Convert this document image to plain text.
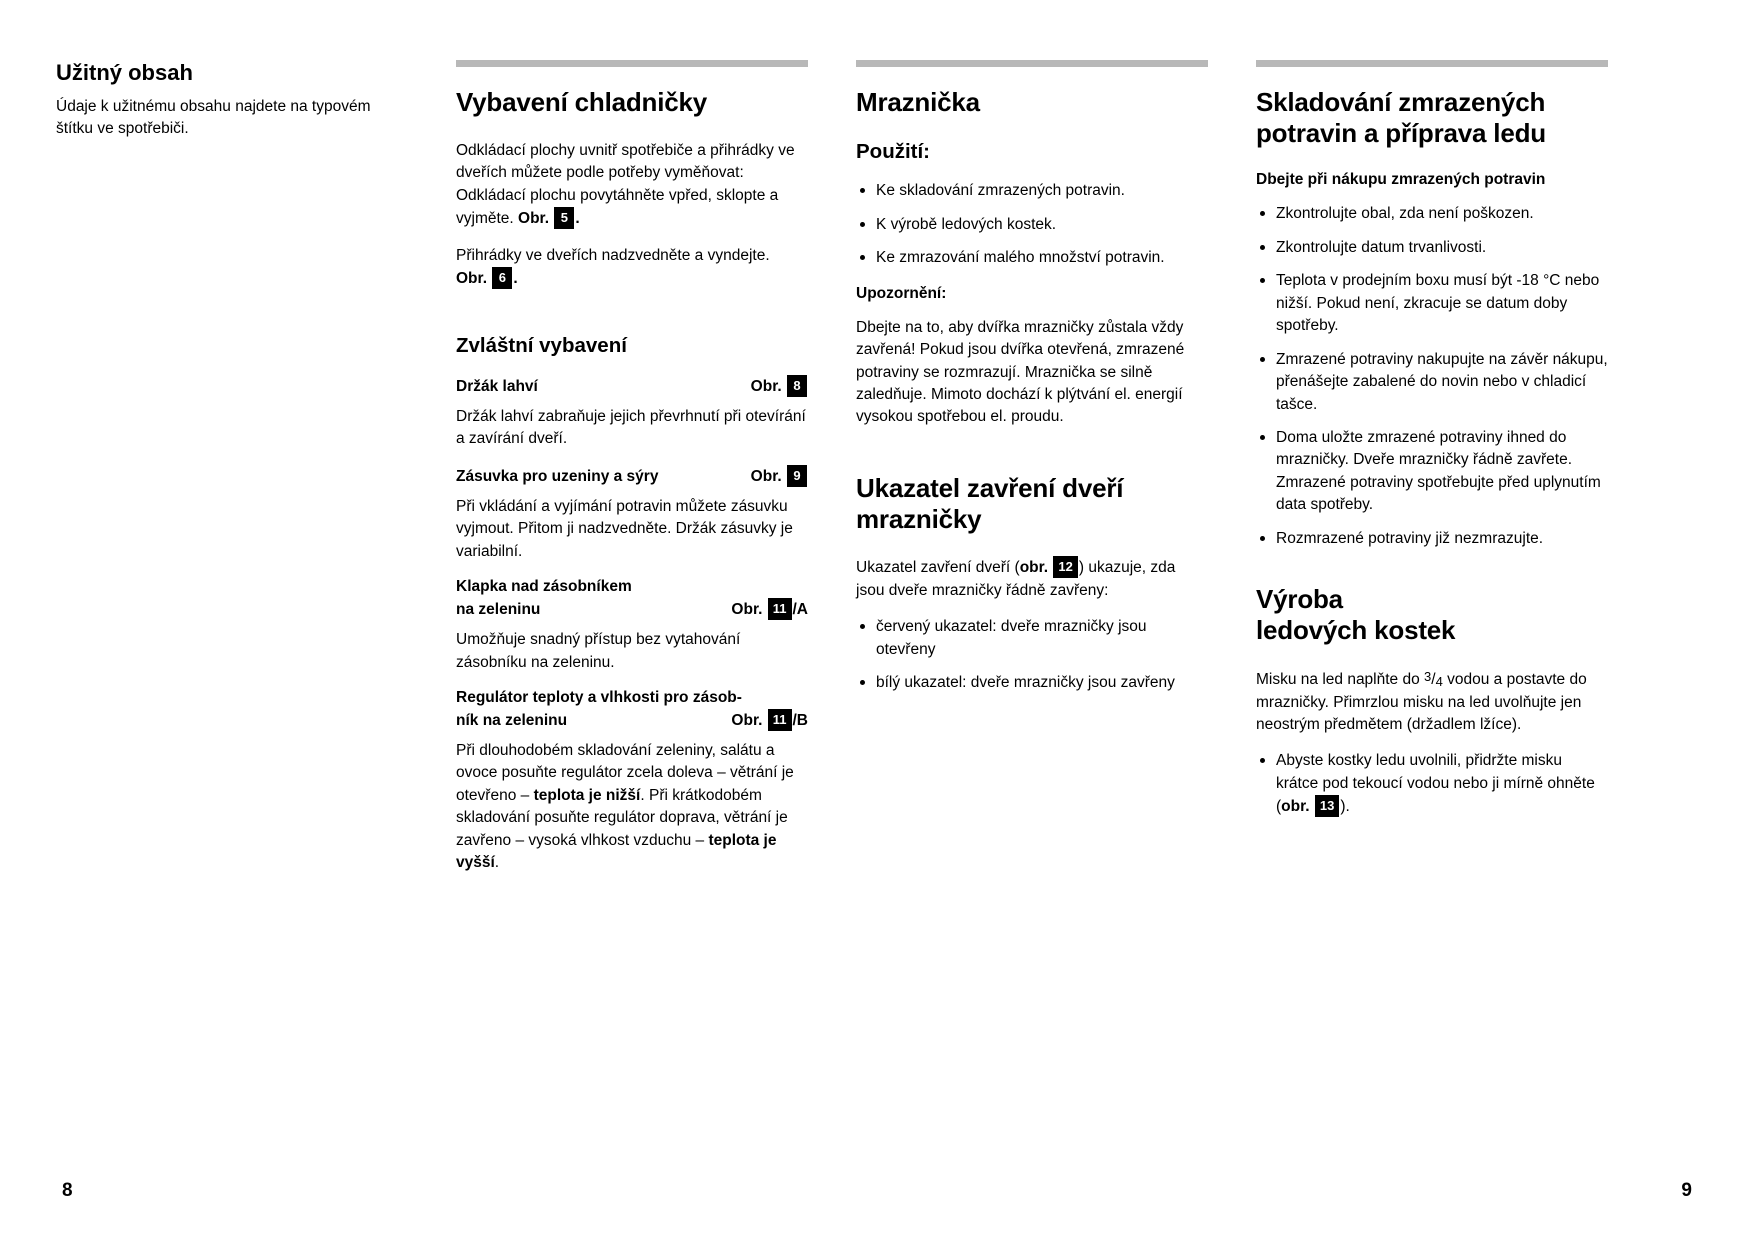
Užitný obsah

Údaje k užitnému obsahu najdete na typovém štítku ve spotřebiči.

Vybavení chladničky

Odkládací plochy uvnitř spotřebiče a přihrádky ve dveřích můžete podle potřeby vyměňovat: Odkládací plochu povytáhněte vpřed, sklopte a vyjměte. Obr. 5 .

Přihrádky ve dveřích nadzvedněte a vyndejte. Obr. 6 .

Zvláštní vybavení
Držák lahví	Obr. 8

Držák lahví zabraňuje jejich převrhnutí při otevírání a zavírání dveří.

Zásuvka pro uzeniny a sýry	Obr. 9

Při vkládání a vyjímání potravin můžete zásuvku vyjmout. Přitom ji nadzvedněte. Držák zásuvky je variabilní.

Klapka nad zásobníkem
na zeleninu	Obr. 11 /A

Umožňuje snadný přístup bez vytahování zásobníku na zeleninu.

Regulátor teploty a vlhkosti pro zásob-
ník na zeleninu	Obr. 11 /B

Při dlouhodobém skladování zeleniny, salátu a ovoce posuňte regulátor zcela doleva – větrání je otevřeno – teplota je nižší. Při krátkodobém skladování posuňte regulátor doprava, větrání je zavřeno – vysoká vlhkost vzduchu – teplota je vyšší.

Mraznička
Použití:
Ke skladování zmrazených potravin.
K výrobě ledových kostek.
Ke zmrazování malého množství potravin.
Upozornění:

Dbejte na to, aby dvířka mrazničky zůstala vždy zavřená! Pokud jsou dvířka otevřená, zmrazené potraviny se rozmrazují. Mraznička se silně zaledňuje. Mimoto dochází k plýtvání el. energií vysokou spotřebou el. proudu.

Ukazatel zavření dveří
mrazničky

Ukazatel zavření dveří (obr. 12 ) ukazuje, zda jsou dveře mrazničky řádně zavřeny:

červený ukazatel: dveře mrazničky jsou otevřeny
bílý ukazatel: dveře mrazničky jsou zavřeny
Skladování zmrazených
potravin a příprava ledu
Dbejte při nákupu zmrazených potravin
Zkontrolujte obal, zda není poškozen.
Zkontrolujte datum trvanlivosti.
Teplota v prodejním boxu musí být -18 °C nebo nižší. Pokud není, zkracuje se datum doby spotřeby.
Zmrazené potraviny nakupujte na závěr nákupu, přenášejte zabalené do novin nebo v chladicí tašce.
Doma uložte zmrazené potraviny ihned do mrazničky. Dveře mrazničky řádně zavřete. Zmrazené potraviny spotřebujte před uplynutím data spotřeby.
Rozmrazené potraviny již nezmrazujte.
Výroba
ledových kostek

Misku na led naplňte do 3/4 vodou a postavte do mrazničky. Přimrzlou misku na led uvolňujte jen neostrým předmětem (držadlem lžíce).

Abyste kostky ledu uvolnili, přidržte misku krátce pod tekoucí vodou nebo ji mírně ohněte (obr. 13 ).
8	9
